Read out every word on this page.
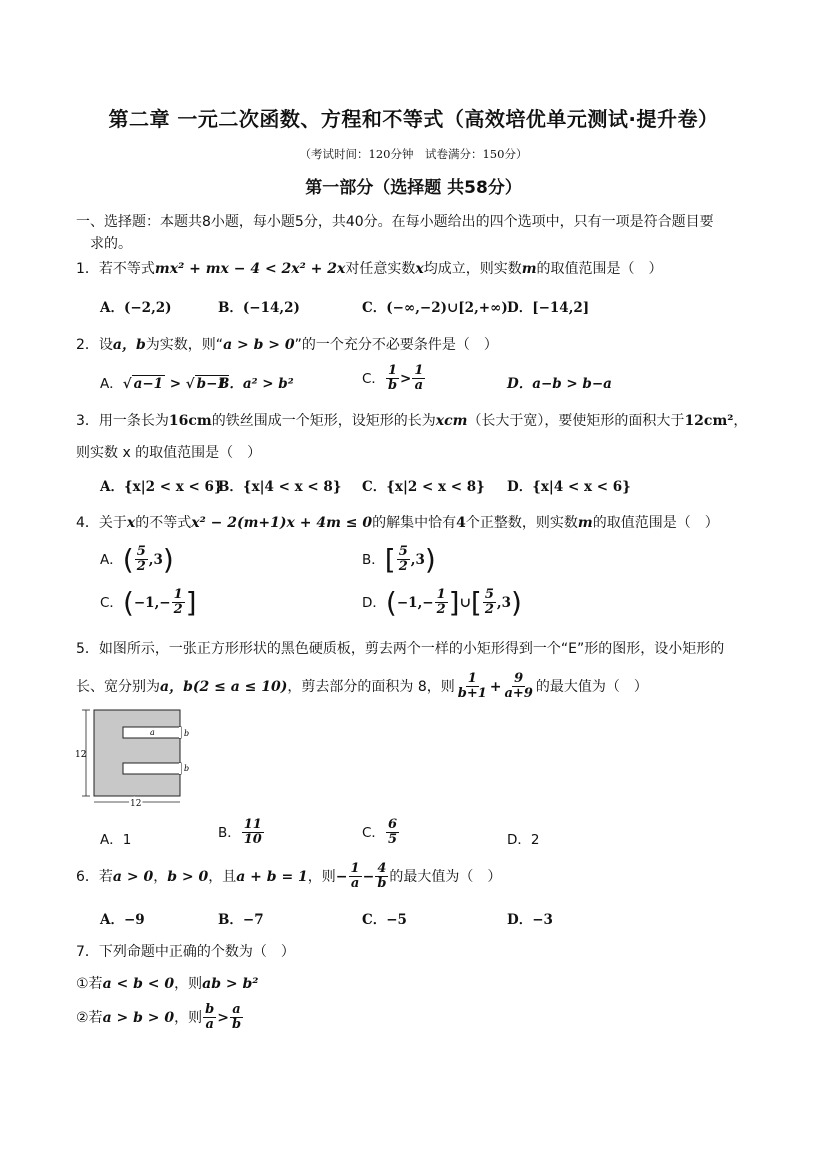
第二章 一元二次函数、方程和不等式（高效培优单元测试·提升卷）
（考试时间：120分钟　试卷满分：150分）
第一部分（选择题 共58分）
一、选择题：本题共8小题，每小题5分，共40分。在每小题给出的四个选项中，只有一项是符合题目要
求的。
1．若不等式mx² + mx − 4 < 2x² + 2x对任意实数x均成立，则实数m的取值范围是（　）
A．(−2,2)	B．(−14,2)	C．(−∞,−2)∪[2,+∞) D．[−14,2]
2．设a，b为实数，则“a > b > 0”的一个充分不必要条件是（　）
A．√ a−1 > √ b−1
B．a² > b²	C． $\frac{1}{b} > \frac{1}{a}$	D．a−b > b−a
3．用一条长为16cm的铁丝围成一个矩形，设矩形的长为xcm（长大于宽），要使矩形的面积大于12cm²，
则实数 x 的取值范围是（　）
A．{x|2 < x < 6}
B．{x|4 < x < 8} C．{x|2 < x < 8} D．{x|4 < x < 6}
4．关于x的不等式x² − 2(m+1)x + 4m ≤ 0的解集中恰有4个正整数，则实数m的取值范围是（　）
A．( $\frac{5}{2} ,3$)	B．[ $\frac{5}{2} ,3$)
C．($-1,- \frac{1}{2}$ ]	D．($-1,- \frac{1}{2}$ ]∪[ $\frac{5}{2} ,3$)
5．如图所示，一张正方形形状的黑色硬质板，剪去两个一样的小矩形得到一个“E”形的图形，设小矩形的
长、宽分别为a，b(2 ≤ a ≤ 10)，剪去部分的面积为 8，则 $\frac{1}{b+1} + \frac{9}{a+9}$ 的最大值为（　）
12
12
a	b
b
A．1	B． $\frac{11}{10}$	C． $\frac{6}{5}$	D．2
6．若a > 0，b > 0，且a + b = 1，则− $\frac{1}{a} - \frac{4}{b}$ 的最大值为（　）
A．−9	B．−7	C．−5	D．−3
7．下列命题中正确的个数为（　）
①若a < b < 0，则ab > b²
②若a > b > 0，则 $\frac{b}{a} > \frac{a}{b}$
